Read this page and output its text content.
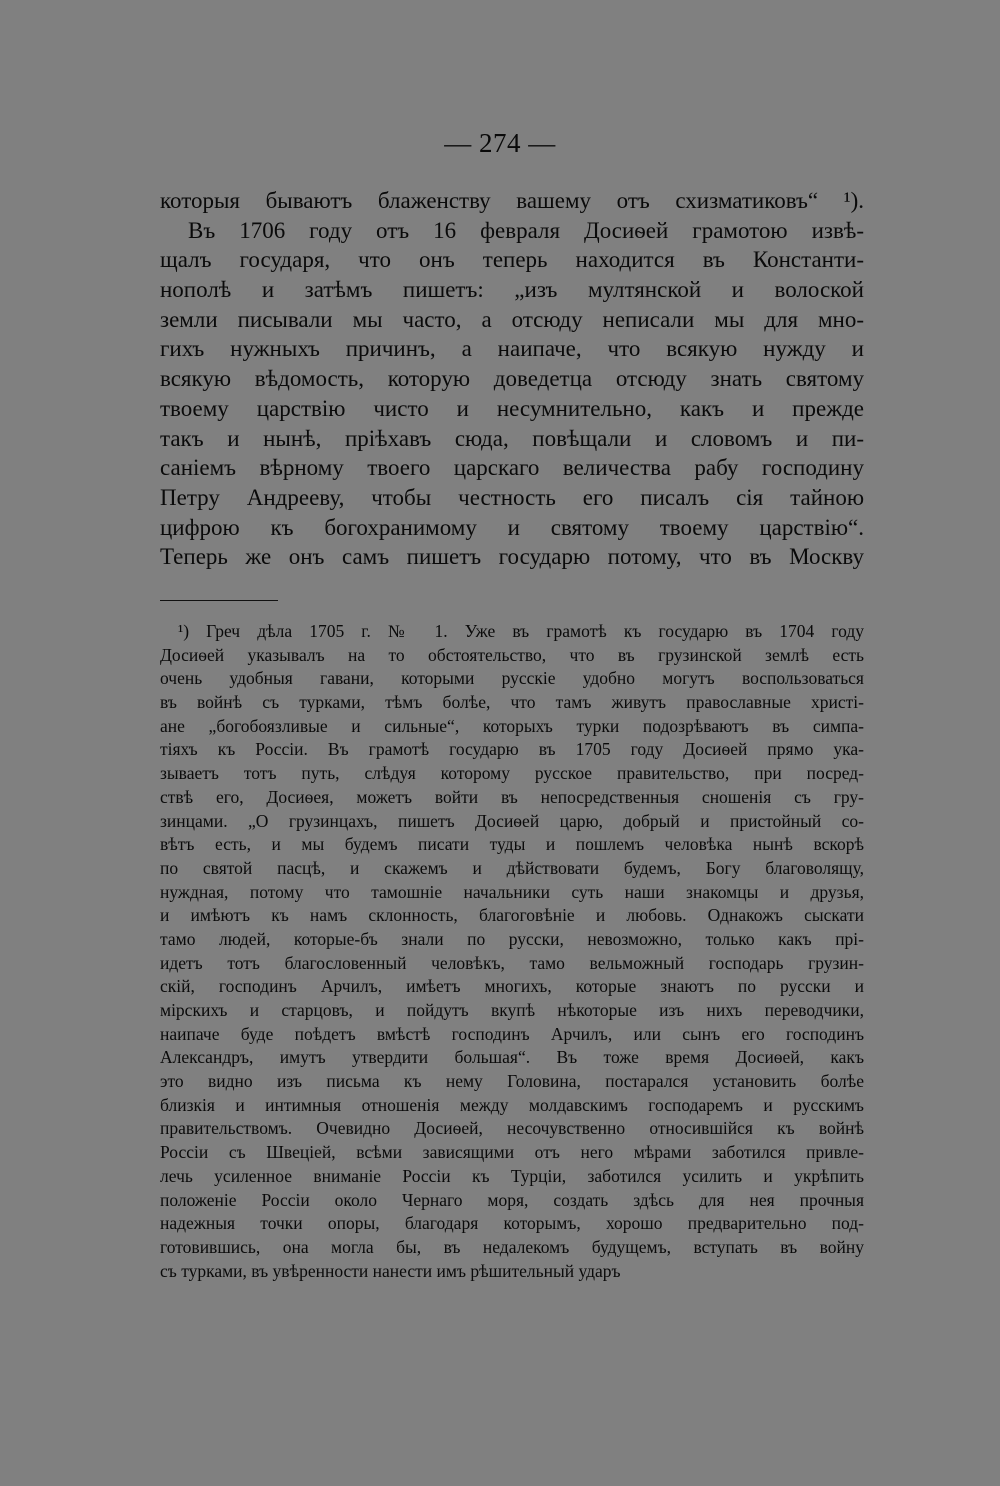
— 274 —
которыя бываютъ блаженству вашему отъ схизматиковъ“ ¹).
Въ 1706 году отъ 16 февраля Досиѳей грамотою извѣ-
щалъ государя, что онъ теперь находится въ Константи-
нополѣ и затѣмъ пишетъ: „изъ мултянской и волоской
земли писывали мы часто, а отсюду неписали мы для мно-
гихъ нужныхъ причинъ, а наипаче, что всякую нужду и
всякую вѣдомость, которую доведетца отсюду знать святому
твоему царствію чисто и несумнительно, какъ и прежде
такъ и нынѣ, пріѣхавъ сюда, повѣщали и словомъ и пи-
саніемъ вѣрному твоего царскаго величества рабу господину
Петру Андрееву, чтобы честность его писалъ сія тайною
цифрою къ богохранимому и святому твоему царствію“.
Теперь же онъ самъ пишетъ государю потому, что въ Москву
¹) Греч дѣла 1705 г. № 1. Уже въ грамотѣ къ государю въ 1704 году
Досиѳей указывалъ на то обстоятельство, что въ грузинской землѣ есть
очень удобныя гавани, которыми русскіе удобно могутъ воспользоваться
въ войнѣ съ турками, тѣмъ болѣе, что тамъ живутъ православные христі-
ане „богобоязливые и сильные“, которыхъ турки подозрѣваютъ въ симпа-
тіяхъ къ Россіи. Въ грамотѣ государю въ 1705 году Досиѳей прямо ука-
зываетъ тотъ путь, слѣдуя которому русское правительство, при посред-
ствѣ его, Досиѳея, можетъ войти въ непосредственныя сношенія съ гру-
зинцами. „О грузинцахъ, пишетъ Досиѳей царю, добрый и пристойный со-
вѣтъ есть, и мы будемъ писати туды и пошлемъ человѣка нынѣ вскорѣ
по святой пасцѣ, и скажемъ и дѣйствовати будемъ, Богу благоволящу,
нуждная, потому что тамошніе начальники суть наши знакомцы и друзья,
и имѣютъ къ намъ склонность, благоговѣніе и любовь. Однакожъ сыскати
тамо людей, которые-бъ знали по русски, невозможно, только какъ прі-
идетъ тотъ благословенный человѣкъ, тамо вельможный господарь грузин-
скій, господинъ Арчилъ, имѣетъ многихъ, которые знаютъ по русски и
мірскихъ и старцовъ, и пойдутъ вкупѣ нѣкоторые изъ нихъ переводчики,
наипаче буде поѣдетъ вмѣстѣ господинъ Арчилъ, или сынъ его господинъ
Александръ, имутъ утвердити большая“. Въ тоже время Досиѳей, какъ
это видно изъ письма къ нему Головина, постарался установить болѣе
близкія и интимныя отношенія между молдавскимъ господаремъ и русскимъ
правительствомъ. Очевидно Досиѳей, несочувственно относившійся къ войнѣ
Россіи съ Швеціей, всѣми зависящими отъ него мѣрами заботился привле-
лечь усиленное вниманіе Россіи къ Турціи, заботился усилить и укрѣпить
положеніе Россіи около Чернаго моря, создать здѣсь для нея прочныя
надежныя точки опоры, благодаря которымъ, хорошо предварительно под-
готовившись, она могла бы, въ недалекомъ будущемъ, вступать въ войну
съ турками, въ увѣренности нанести имъ рѣшительный ударъ
